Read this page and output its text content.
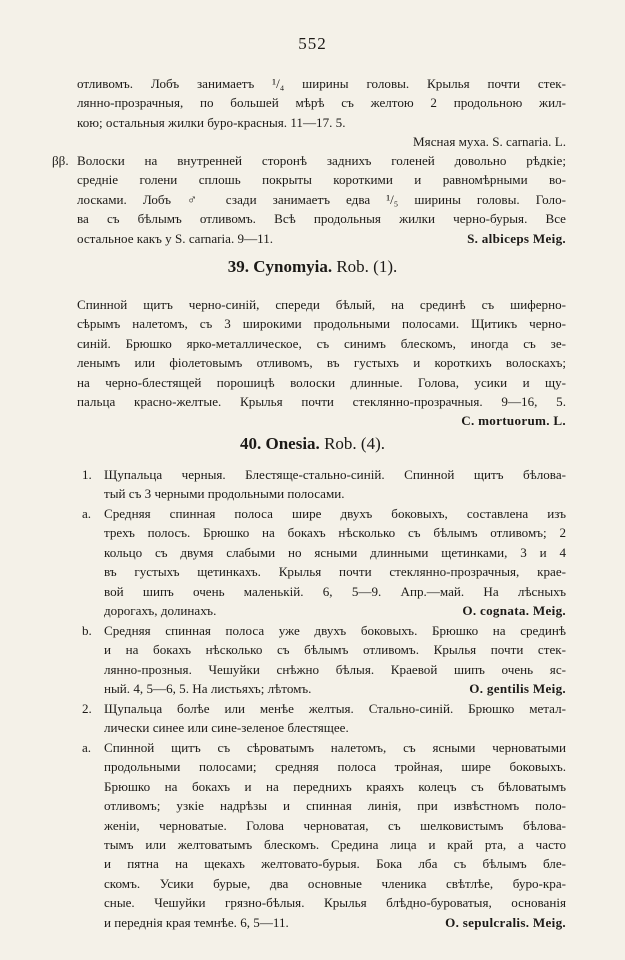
552
отливомъ. Лобъ занимаетъ ¹/₄ ширины головы. Крылья почти стек-
лянно-прозрачныя, по большей мѣрѣ съ желтою 2 продольною жил-
кою; остальныя жилки буро-красныя. 11—17. 5.
Мясная муха. S. carnaria. L.
ββ. Волоски на внутренней сторонѣ заднихъ голеней довольно рѣдкіе;
средніе голени сплошь покрыты короткими и равномѣрными во-
лосками. Лобъ ♂ сзади занимаетъ едва ¹/₅ ширины головы. Голо-
ва съ бѣлымъ отливомъ. Всѣ продольныя жилки черно-бурыя. Все
остальное какъ у S. carnaria. 9—11.	S. albiceps Meig.
39. Cynomyia. Rob. (1).
Спинной щитъ черно-синій, спереди бѣлый, на срединѣ съ шиферно-
сѣрымъ налетомъ, съ 3 широкими продольными полосами. Щитикъ черно-
синій. Брюшко ярко-металлическое, съ синимъ блескомъ, иногда съ зе-
ленымъ или фіолетовымъ отливомъ, въ густыхъ и короткихъ волоскахъ;
на черно-блестящей порошицѣ волоски длинные. Голова, усики и щу-
пальца красно-желтые. Крылья почти стеклянно-прозрачныя. 9—16, 5.
C. mortuorum. L.
40. Onesia. Rob. (4).
1. Щупальца черныя. Блестяще-стально-синій. Спинной щитъ бѣлова-
тый съ 3 черными продольными полосами.
a. Средняя спинная полоса шире двухъ боковыхъ, составлена изъ
трехъ полосъ. Брюшко на бокахъ нѣсколько съ бѣлымъ отливомъ; 2
кольцо съ двумя слабыми но ясными длинными щетинками, 3 и 4
въ густыхъ щетинкахъ. Крылья почти стеклянно-прозрачныя, крае-
вой шипъ очень маленькій. 6, 5—9. Апр.—май. На лѣсныхъ
дорогахъ, долинахъ.	O. cognata. Meig.
b. Средняя спинная полоса уже двухъ боковыхъ. Брюшко на срединѣ
и на бокахъ нѣсколько съ бѣлымъ отливомъ. Крылья почти стек-
лянно-прозныя. Чешуйки снѣжно бѣлыя. Краевой шипъ очень яс-
ный. 4, 5—6, 5. На листьяхъ; лѣтомъ.	O. gentilis Meig.
2. Щупальца болѣе или менѣе желтыя. Стально-синій. Брюшко метал-
лически синее или сине-зеленое блестящее.
a. Спинной щитъ съ сѣроватымъ налетомъ, съ ясными черноватыми
продольными полосами; средняя полоса тройная, шире боковыхъ.
Брюшко на бокахъ и на переднихъ краяхъ колецъ съ бѣловатымъ
отливомъ; узкіе надрѣзы и спинная линія, при извѣстномъ поло-
женіи, черноватые. Голова черноватая, съ шелковистымъ бѣлова-
тымъ или желтоватымъ блескомъ. Средина лица и край рта, а часто
и пятна на щекахъ желтовато-бурыя. Бока лба съ бѣлымъ бле-
скомъ. Усики бурые, два основные членика свѣтлѣе, буро-кра-
сные. Чешуйки грязно-бѣлыя. Крылья блѣдно-буроватыя, основанія
и переднія края темнѣе. 6, 5—11.	O. sepulcralis. Meig.
